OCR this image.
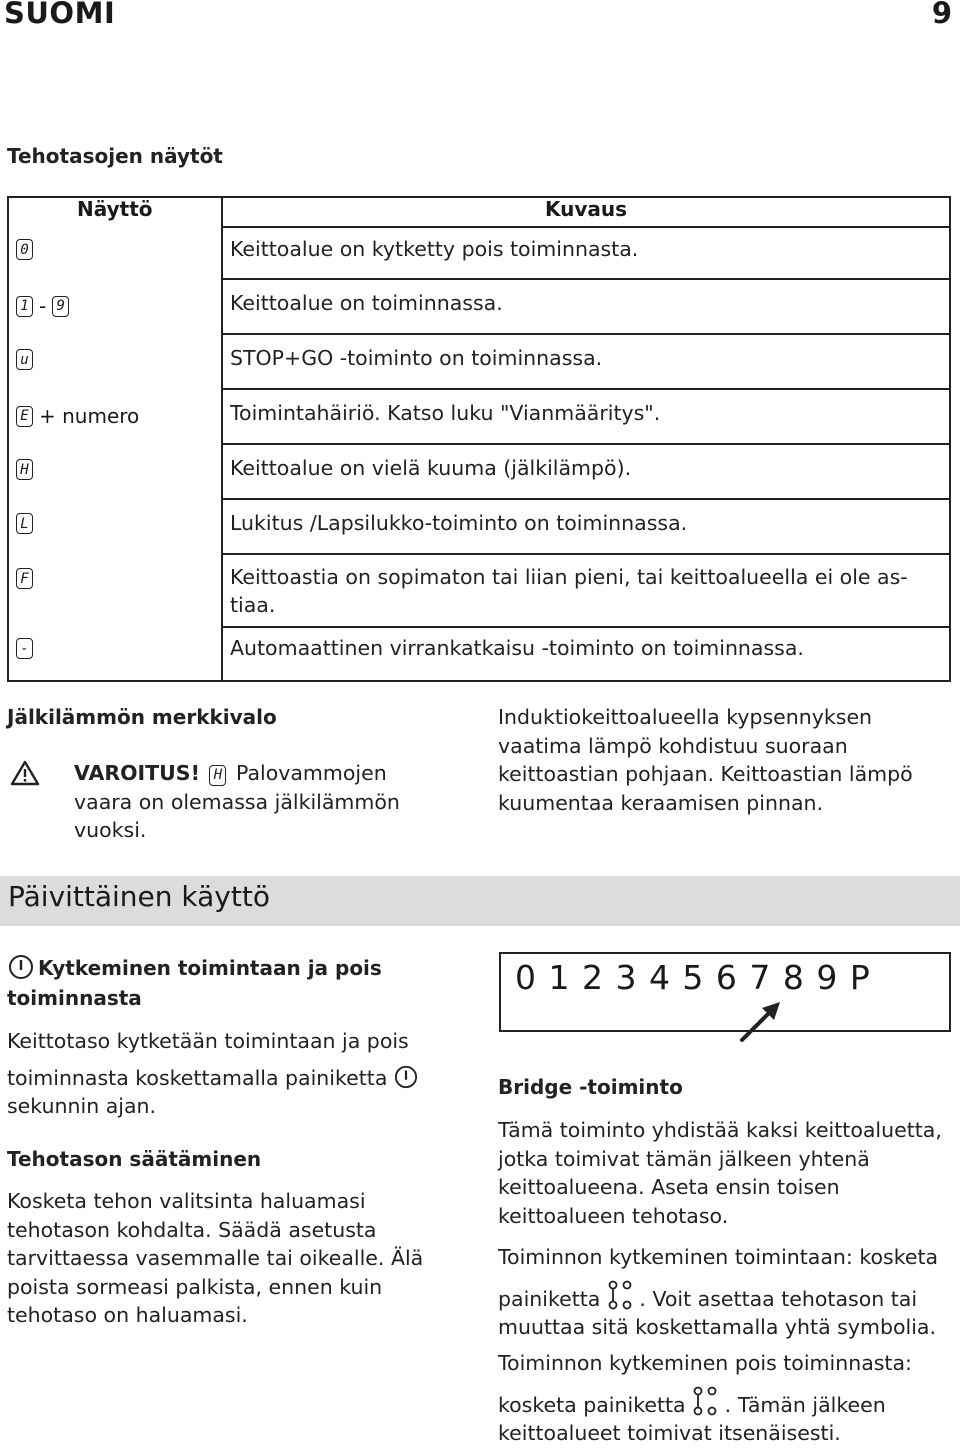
SUOMI	9
Tehotasojen näytöt
Näyttö	Kuvaus
0	Keittoalue on kytketty pois toiminnasta.
1 - 9	Keittoalue on toiminnassa.
u	STOP+GO -toiminto on toiminnassa.
E + numero	Toimintahäiriö. Katso luku "Vianmääritys".
H	Keittoalue on vielä kuuma (jälkilämpö).
L	Lukitus /Lapsilukko-toiminto on toiminnassa.
F	Keittoastia on sopimaton tai liian pieni, tai keittoalueella ei ole as-
tiaa.
-	Automaattinen virrankatkaisu -toiminto on toiminnassa.
Jälkilämmön merkkivalo
VAROITUS! H Palovammojen
vaara on olemassa jälkilämmön
vuoksi.
Induktiokeittoalueella kypsennyksen
vaatima lämpö kohdistuu suoraan
keittoastian pohjaan. Keittoastian lämpö
kuumentaa keraamisen pinnan.
Päivittäinen käyttö
Kytkeminen toimintaan ja pois
toiminnasta
Keittotaso kytketään toimintaan ja pois
toiminnasta koskettamalla painiketta
sekunnin ajan.
Tehotason säätäminen
Kosketa tehon valitsinta haluamasi
tehotason kohdalta. Säädä asetusta
tarvittaessa vasemmalle tai oikealle. Älä
poista sormeasi palkista, ennen kuin
tehotaso on haluamasi.
0 1 2 3 4 5 6 7 8 9 P
Bridge -toiminto
Tämä toiminto yhdistää kaksi keittoaluetta,
jotka toimivat tämän jälkeen yhtenä
keittoalueena. Aseta ensin toisen
keittoalueen tehotaso.
Toiminnon kytkeminen toimintaan: kosketa
painiketta . Voit asettaa tehotason tai
muuttaa sitä koskettamalla yhtä symbolia.
Toiminnon kytkeminen pois toiminnasta:
kosketa painiketta . Tämän jälkeen
keittoalueet toimivat itsenäisesti.
